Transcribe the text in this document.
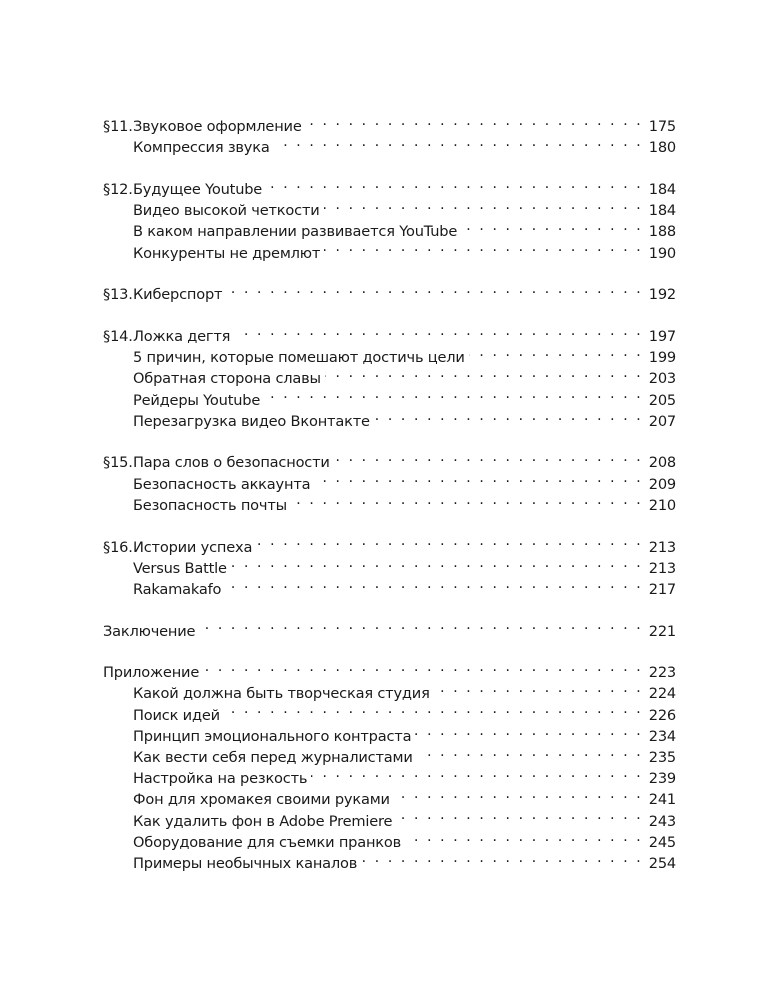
§11. Звуковое оформление . . .	175
Компрессия звука . . .	180
§12. Будущее Youtube . . .	184
Видео высокой четкости . . .	184
В каком направлении развивается YouTube . . .	188
Конкуренты не дремлют . . .	190
§13. Киберспорт . . .	192
§14. Ложка дегтя . . .	197
5 причин, которые помешают достичь цели . . .	199
Обратная сторона славы . . .	203
Рейдеры Youtube . . .	205
Перезагрузка видео Вконтакте . . .	207
§15. Пара слов о безопасности . . .	208
Безопасность аккаунта . . .	209
Безопасность почты . . .	210
§16. Истории успеха . . .	213
Versus Battle . . .	213
Rakamakafo . . .	217
Заключение . . .	221
Приложение . . .	223
Какой должна быть творческая студия . . .	224
Поиск идей . . .	226
Принцип эмоционального контраста . . .	234
Как вести себя перед журналистами . . .	235
Настройка на резкость . . .	239
Фон для хромакея своими руками . . .	241
Как удалить фон в Adobe Premiere . . .	243
Оборудование для съемки пранков . . .	245
Примеры необычных каналов . . .	254
